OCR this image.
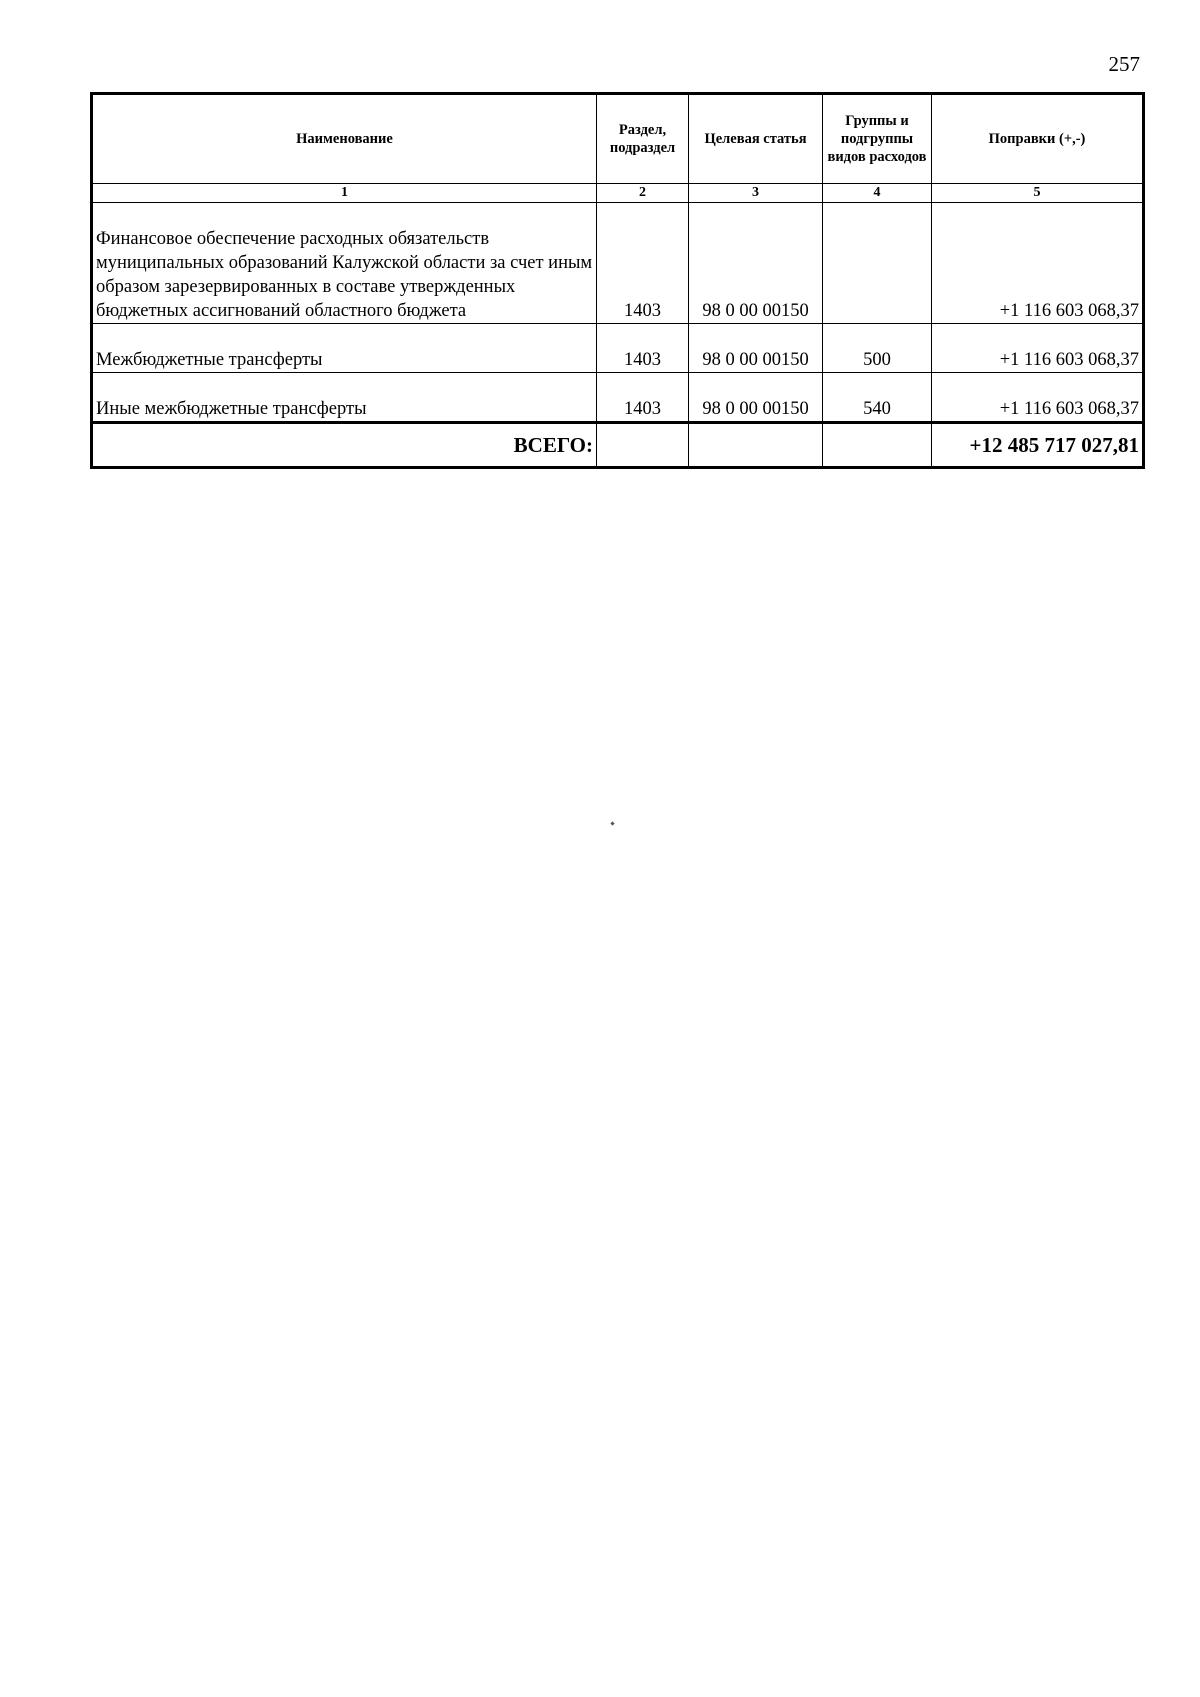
257
Наименование	Раздел, подраздел	Целевая статья	Группы и подгруппы видов расходов	Поправки (+,-)
1	2	3	4	5
Финансовое обеспечение расходных обязательств муниципальных образований Калужской области за счет иным образом зарезервированных в составе утвержденных бюджетных ассигнований областного бюджета	1403	98 0 00 00150		+1 116 603 068,37
Межбюджетные трансферты	1403	98 0 00 00150	500	+1 116 603 068,37
Иные межбюджетные трансферты	1403	98 0 00 00150	540	+1 116 603 068,37
ВСЕГО:				+12 485 717 027,81
